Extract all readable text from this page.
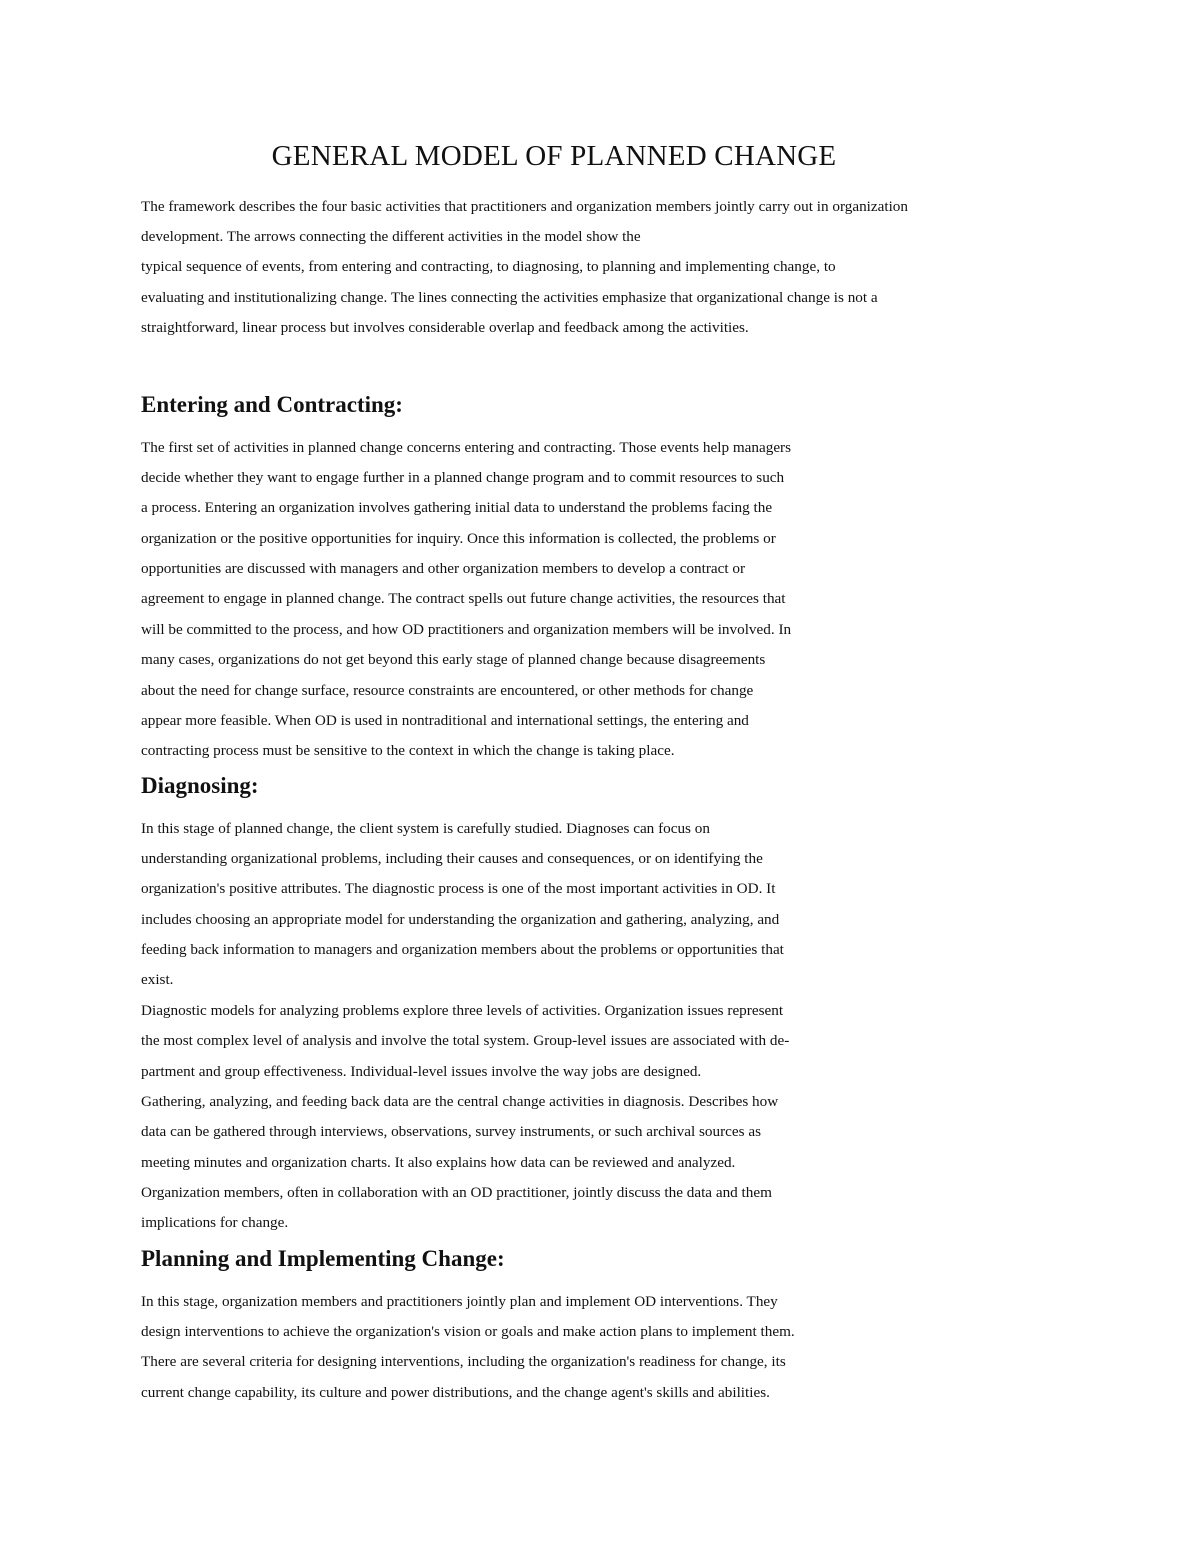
GENERAL MODEL OF PLANNED CHANGE

The framework describes the four basic activities that practitioners and organization members jointly carry out in organization

development. The arrows connecting the different activities in the model show the

typical sequence of events, from entering and contracting, to diagnosing, to planning and implementing change, to

evaluating and institutionalizing change. The lines connecting the activities emphasize that organizational change is not a

straightforward, linear process but involves considerable overlap and feedback among the activities.

Entering and Contracting:

The first set of activities in planned change concerns entering and contracting. Those events help managers

decide whether they want to engage further in a planned change program and to commit resources to such

a process. Entering an organization involves gathering initial data to understand the problems facing the

organization or the positive opportunities for inquiry. Once this information is collected, the problems or

opportunities are discussed with managers and other organization members to develop a contract or

agreement to engage in planned change. The contract spells out future change activities, the resources that

will be committed to the process, and how OD practitioners and organization members will be involved. In

many cases, organizations do not get beyond this early stage of planned change because disagreements

about the need for change surface, resource constraints are encountered, or other methods for change

appear more feasible. When OD is used in nontraditional and international settings, the entering and

contracting process must be sensitive to the context in which the change is taking place.

Diagnosing:

In this stage of planned change, the client system is carefully studied. Diagnoses can focus on

understanding organizational problems, including their causes and consequences, or on identifying the

organization's positive attributes. The diagnostic process is one of the most important activities in OD. It

includes choosing an appropriate model for understanding the organization and gathering, analyzing, and

feeding back information to managers and organization members about the problems or opportunities that

exist.

Diagnostic models for analyzing problems explore three levels of activities. Organization issues represent

the most complex level of analysis and involve the total system. Group-level issues are associated with de-

partment and group effectiveness. Individual-level issues involve the way jobs are designed.

Gathering, analyzing, and feeding back data are the central change activities in diagnosis. Describes how

data can be gathered through interviews, observations, survey instruments, or such archival sources as

meeting minutes and organization charts. It also explains how data can be reviewed and analyzed.

Organization members, often in collaboration with an OD practitioner, jointly discuss the data and them

implications for change.

Planning and Implementing Change:

In this stage, organization members and practitioners jointly plan and implement OD interventions. They

design interventions to achieve the organization's vision or goals and make action plans to implement them.

There are several criteria for designing interventions, including the organization's readiness for change, its

current change capability, its culture and power distributions, and the change agent's skills and abilities.
